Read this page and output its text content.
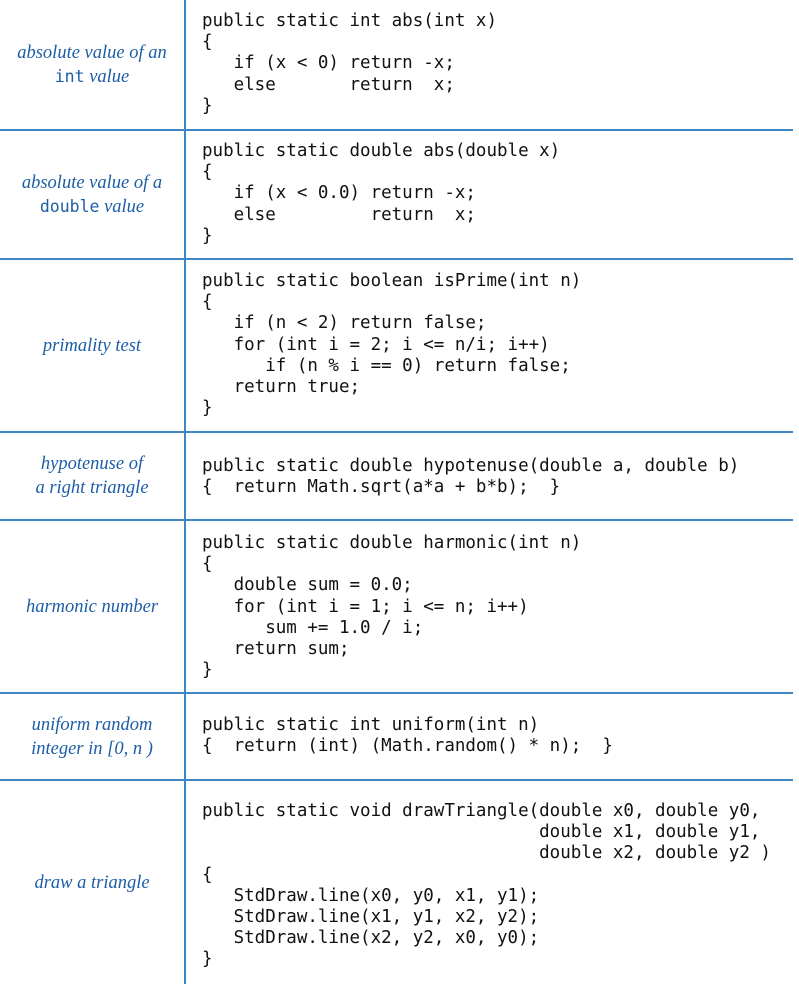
absolute value of an
int value
public static int abs(int x)
{
if (x < 0) return -x;
else       return  x;
}
absolute value of a
double value
public static double abs(double x)
{
if (x < 0.0) return -x;
else         return  x;
}
primality test
public static boolean isPrime(int n)
{
if (n < 2) return false;
for (int i = 2; i <= n/i; i++)
if (n % i == 0) return false;
return true;
}
hypotenuse of
a right triangle
public static double hypotenuse(double a, double b)
{  return Math.sqrt(a*a + b*b);  }
harmonic number
public static double harmonic(int n)
{
double sum = 0.0;
for (int i = 1; i <= n; i++)
sum += 1.0 / i;
return sum;
}
uniform random
integer in [0, n )
public static int uniform(int n)
{  return (int) (Math.random() * n);  }
draw a triangle
public static void drawTriangle(double x0, double y0,
double x1, double y1,
double x2, double y2 )
{
StdDraw.line(x0, y0, x1, y1);
StdDraw.line(x1, y1, x2, y2);
StdDraw.line(x2, y2, x0, y0);
}
